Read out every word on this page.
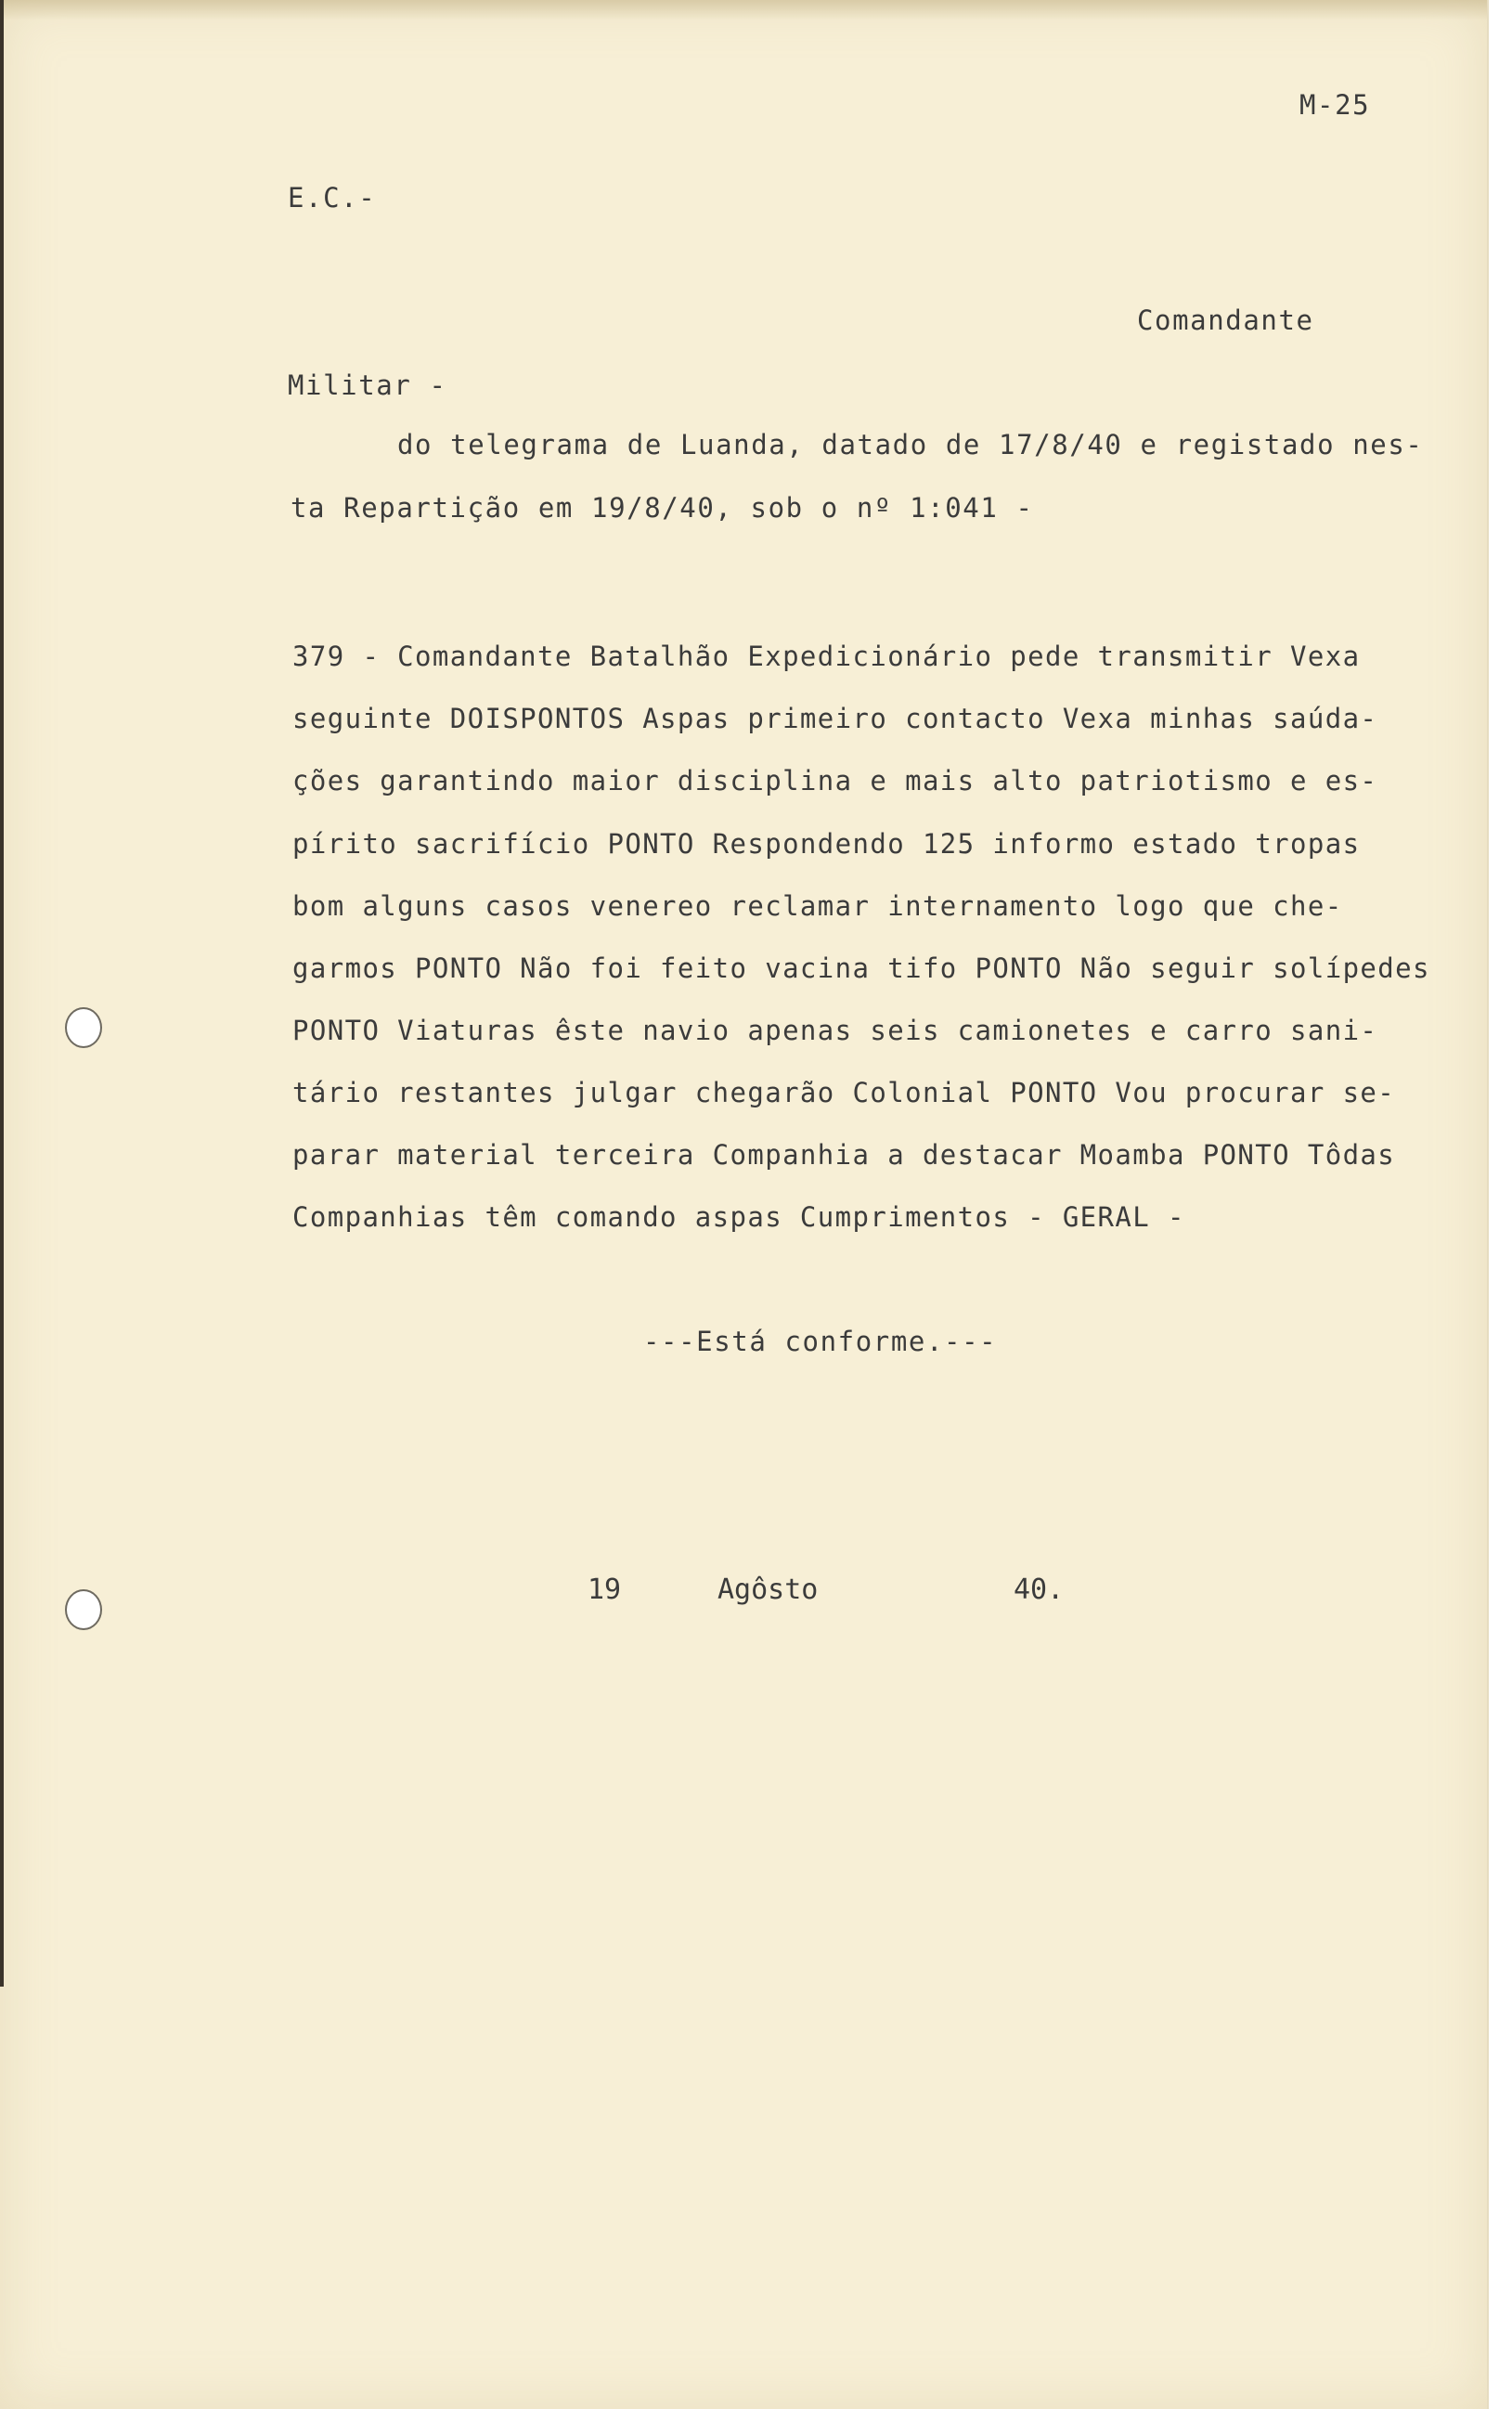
M-25
E.C.-
Comandante
Militar -
do telegrama de Luanda, datado de 17/8/40 e registado nes-
ta Repartição em 19/8/40, sob o nº 1:041 -
379 - Comandante Batalhão Expedicionário pede transmitir Vexa
seguinte DOISPONTOS Aspas primeiro contacto Vexa minhas saúda-
ções garantindo maior disciplina e mais alto patriotismo e es-
pírito sacrifício PONTO Respondendo 125 informo estado tropas
bom alguns casos venereo reclamar internamento logo que che-
garmos PONTO Não foi feito vacina tifo PONTO Não seguir solípedes
PONTO Viaturas êste navio apenas seis camionetes e carro sani-
tário restantes julgar chegarão Colonial PONTO Vou procurar se-
parar material terceira Companhia a destacar Moamba PONTO Tôdas
Companhias têm comando aspas Cumprimentos - GERAL -
---Está conforme.---
19	Agôsto	40.
